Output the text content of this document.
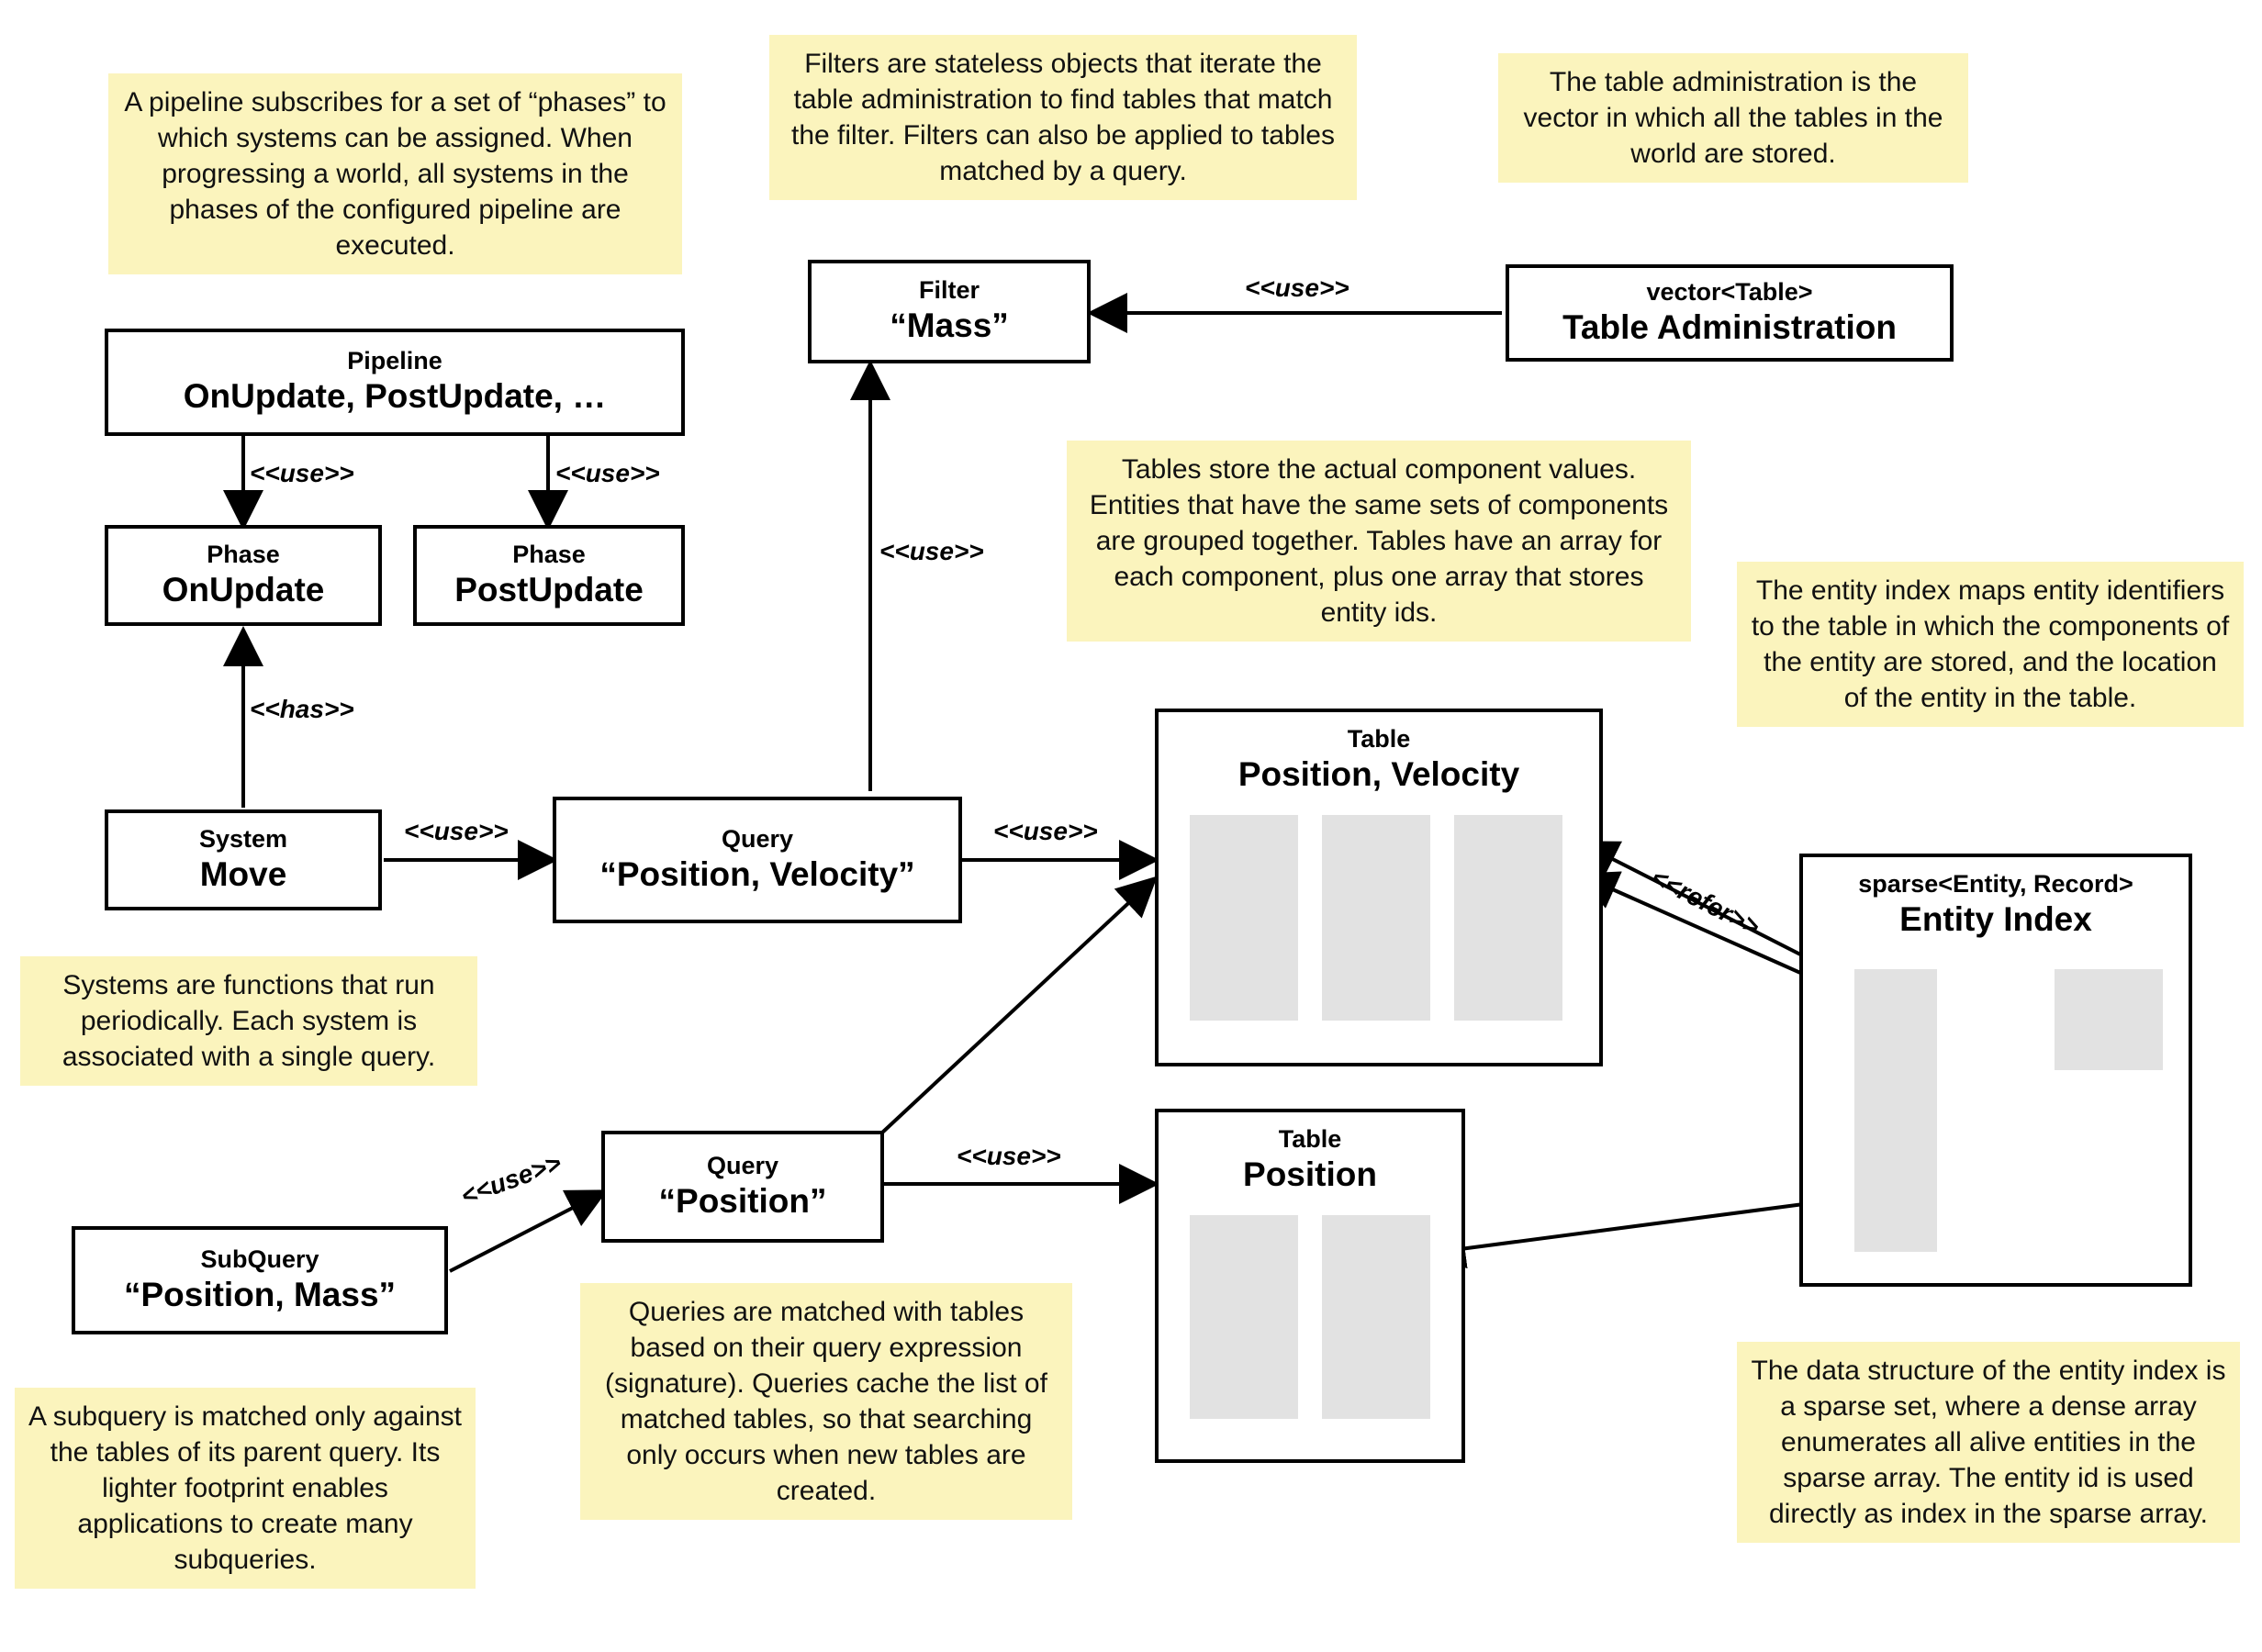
A pipeline subscribes for a set of “phases” to which systems can be assigned. When progressing a world, all systems in the phases of the configured pipeline are executed.
Filters are stateless objects that iterate the table administration to find tables that match the filter. Filters can also be applied to tables matched by a query.
The table administration is the vector in which all the tables in the world are stored.
Tables store the actual component values. Entities that have the same sets of components are grouped together. Tables have an array for each component, plus one array that stores entity ids.
The entity index maps entity identifiers to the table in which the components of the entity are stored, and the location of the entity in the table.
Systems are functions that run periodically. Each system is associated with a single query.
Queries are matched with tables based on their query expression (signature). Queries cache the list of matched tables, so that searching only occurs when new tables are created.
A subquery is matched only against the tables of its parent query. Its lighter footprint enables applications to create many subqueries.
The data structure of the entity index is a sparse set, where a dense array enumerates all alive entities in the sparse array. The entity id is used directly as index in the sparse array.
Filter
“Mass”
vector<Table>
Table Administration
Pipeline
OnUpdate, PostUpdate, …
Phase
OnUpdate
Phase
PostUpdate
System
Move
Query
“Position, Velocity”
Query
“Position”
SubQuery
“Position, Mass”
Table
Position, Velocity
Table
Position
sparse<Entity, Record>
Entity Index
<<use>>
<<use>>	<<use>>
<<has>>
<<use>>
<<use>>
<<use>>
<<use>>	<<use>>
<<refer>>
